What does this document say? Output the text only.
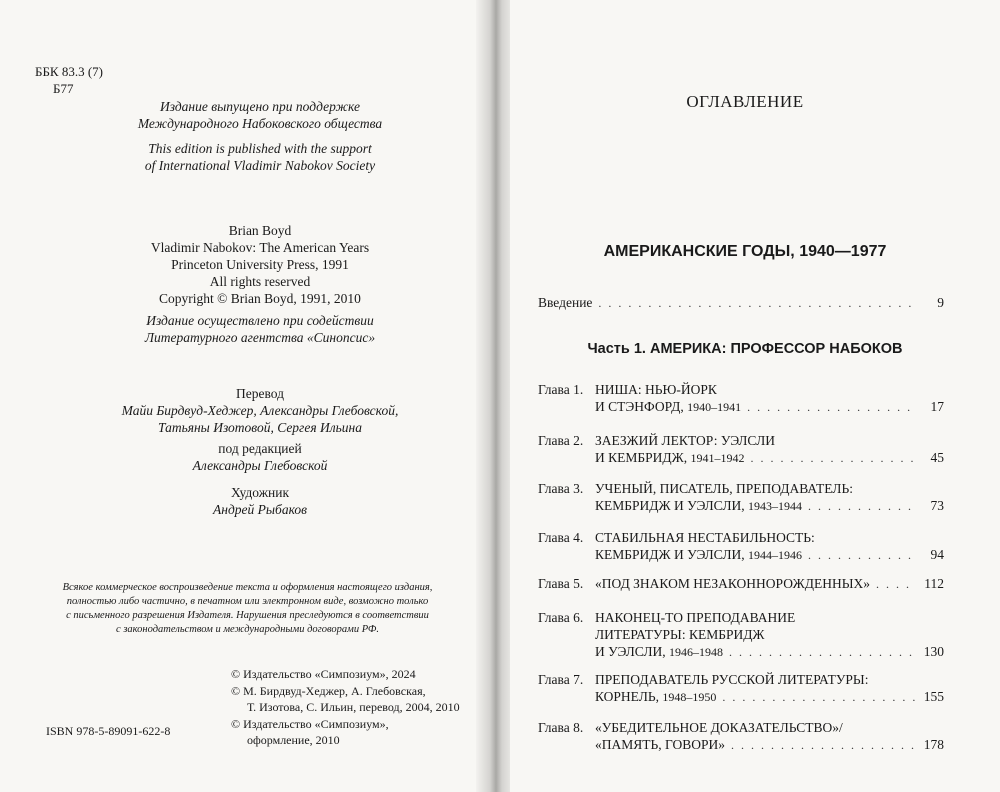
ББК 83.3 (7)
Б77
Издание выпущено при поддержке
Международного Набоковского общества
This edition is published with the support
of International Vladimir Nabokov Society
Brian Boyd
Vladimir Nabokov: The American Years
Princeton University Press, 1991
All rights reserved
Copyright © Brian Boyd, 1991, 2010
Издание осуществлено при содействии
Литературного агентства «Синопсис»
Перевод
Майи Бирдвуд-Хеджер, Александры Глебовской,
Татьяны Изотовой, Сергея Ильина
под редакцией
Александры Глебовской
Художник
Андрей Рыбаков
Всякое коммерческое воспроизведение текста и оформления настоящего издания,
полностью либо частично, в печатном или электронном виде, возможно только
с письменного разрешения Издателя. Нарушения преследуются в соответствии
с законодательством и международными договорами РФ.
© Издательство «Симпозиум», 2024
© М. Бирдвуд-Хеджер, А. Глебовская,
Т. Изотова, С. Ильин, перевод, 2004, 2010
© Издательство «Симпозиум»,
оформление, 2010
ISBN 978-5-89091-622-8
ОГЛАВЛЕНИЕ
АМЕРИКАНСКИЕ ГОДЫ, 1940—1977
Введение . . .	9
Часть 1. АМЕРИКА: ПРОФЕССОР НАБОКОВ
Глава 1. НИША: НЬЮ-ЙОРК
И СТЭНФОРД,
1940–1941 . . .	17
Глава 2. ЗАЕЗЖИЙ ЛЕКТОР: УЭЛСЛИ
И КЕМБРИДЖ,
1941–1942 . . .	45
Глава 3. УЧЕНЫЙ, ПИСАТЕЛЬ, ПРЕПОДАВАТЕЛЬ:
КЕМБРИДЖ И УЭЛСЛИ,
1943–1944 . . .	73
Глава 4. СТАБИЛЬНАЯ НЕСТАБИЛЬНОСТЬ:
КЕМБРИДЖ И УЭЛСЛИ,
1944–1946 . . .	94
Глава 5. «ПОД ЗНАКОМ НЕЗАКОННОРОЖДЕННЫХ» . . .	112
Глава 6. НАКОНЕЦ-ТО ПРЕПОДАВАНИЕ
ЛИТЕРАТУРЫ: КЕМБРИДЖ
И УЭЛСЛИ,
1946–1948 . . .	130
Глава 7. ПРЕПОДАВАТЕЛЬ РУССКОЙ ЛИТЕРАТУРЫ:
КОРНЕЛЬ,
1948–1950 . . .	155
Глава 8. «УБЕДИТЕЛЬНОЕ ДОКАЗАТЕЛЬСТВО»/
«ПАМЯТЬ, ГОВОРИ» . . .	178
